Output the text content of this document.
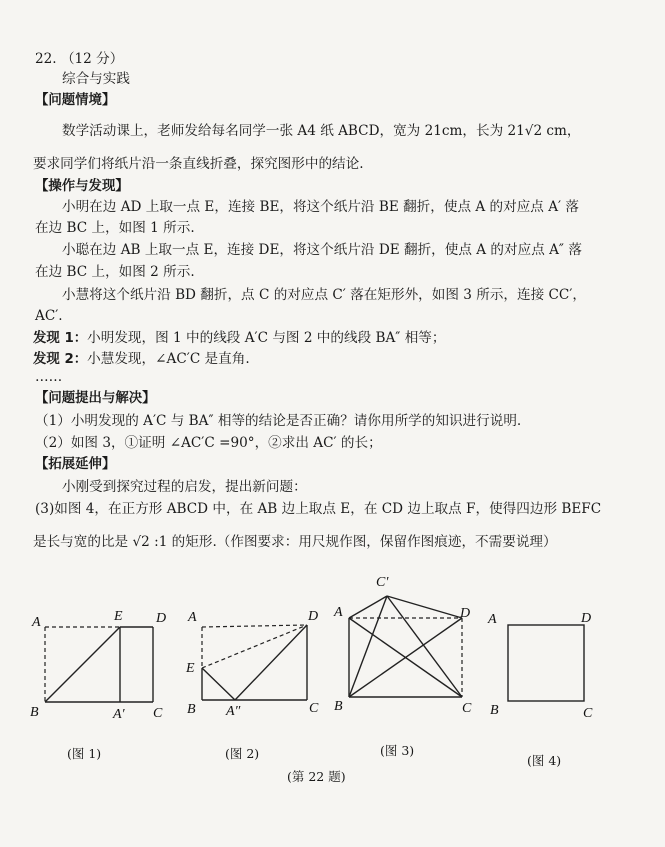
22. （12 分）
综合与实践
【问题情境】
数学活动课上，老师发给每名同学一张 A4 纸 ABCD，宽为 21cm，长为 21√2 cm，
要求同学们将纸片沿一条直线折叠，探究图形中的结论.
【操作与发现】
小明在边 AD 上取一点 E，连接 BE，将这个纸片沿 BE 翻折，使点 A 的对应点 A′ 落
在边 BC 上，如图 1 所示.
小聪在边 AB 上取一点 E，连接 DE，将这个纸片沿 DE 翻折，使点 A 的对应点 A″ 落
在边 BC 上，如图 2 所示.
小慧将这个纸片沿 BD 翻折，点 C 的对应点 C′ 落在矩形外，如图 3 所示，连接 CC′，
AC′.
发现 1：小明发现，图 1 中的线段 A′C 与图 2 中的线段 BA″ 相等；
发现 2：小慧发现，∠AC′C 是直角.
……
【问题提出与解决】
（1）小明发现的 A′C 与 BA″ 相等的结论是否正确？请你用所学的知识进行说明.
（2）如图 3，①证明 ∠AC′C =90°，②求出 AC′ 的长；
【拓展延伸】
小刚受到探究过程的启发，提出新问题：
(3)如图 4，在正方形 ABCD 中，在 AB 边上取点 E，在 CD 边上取点 F，使得四边形 BEFC
是长与宽的比是 √2 :1 的矩形.（作图要求：用尺规作图，保留作图痕迹，不需要说理）
A	E D
B	A′ C
(图 1)
A	D
E
B A″	C
(图 2)
C′
A	D
B	C
(图 3)
A	D
B	C
(图 4)
(第 22 题)
